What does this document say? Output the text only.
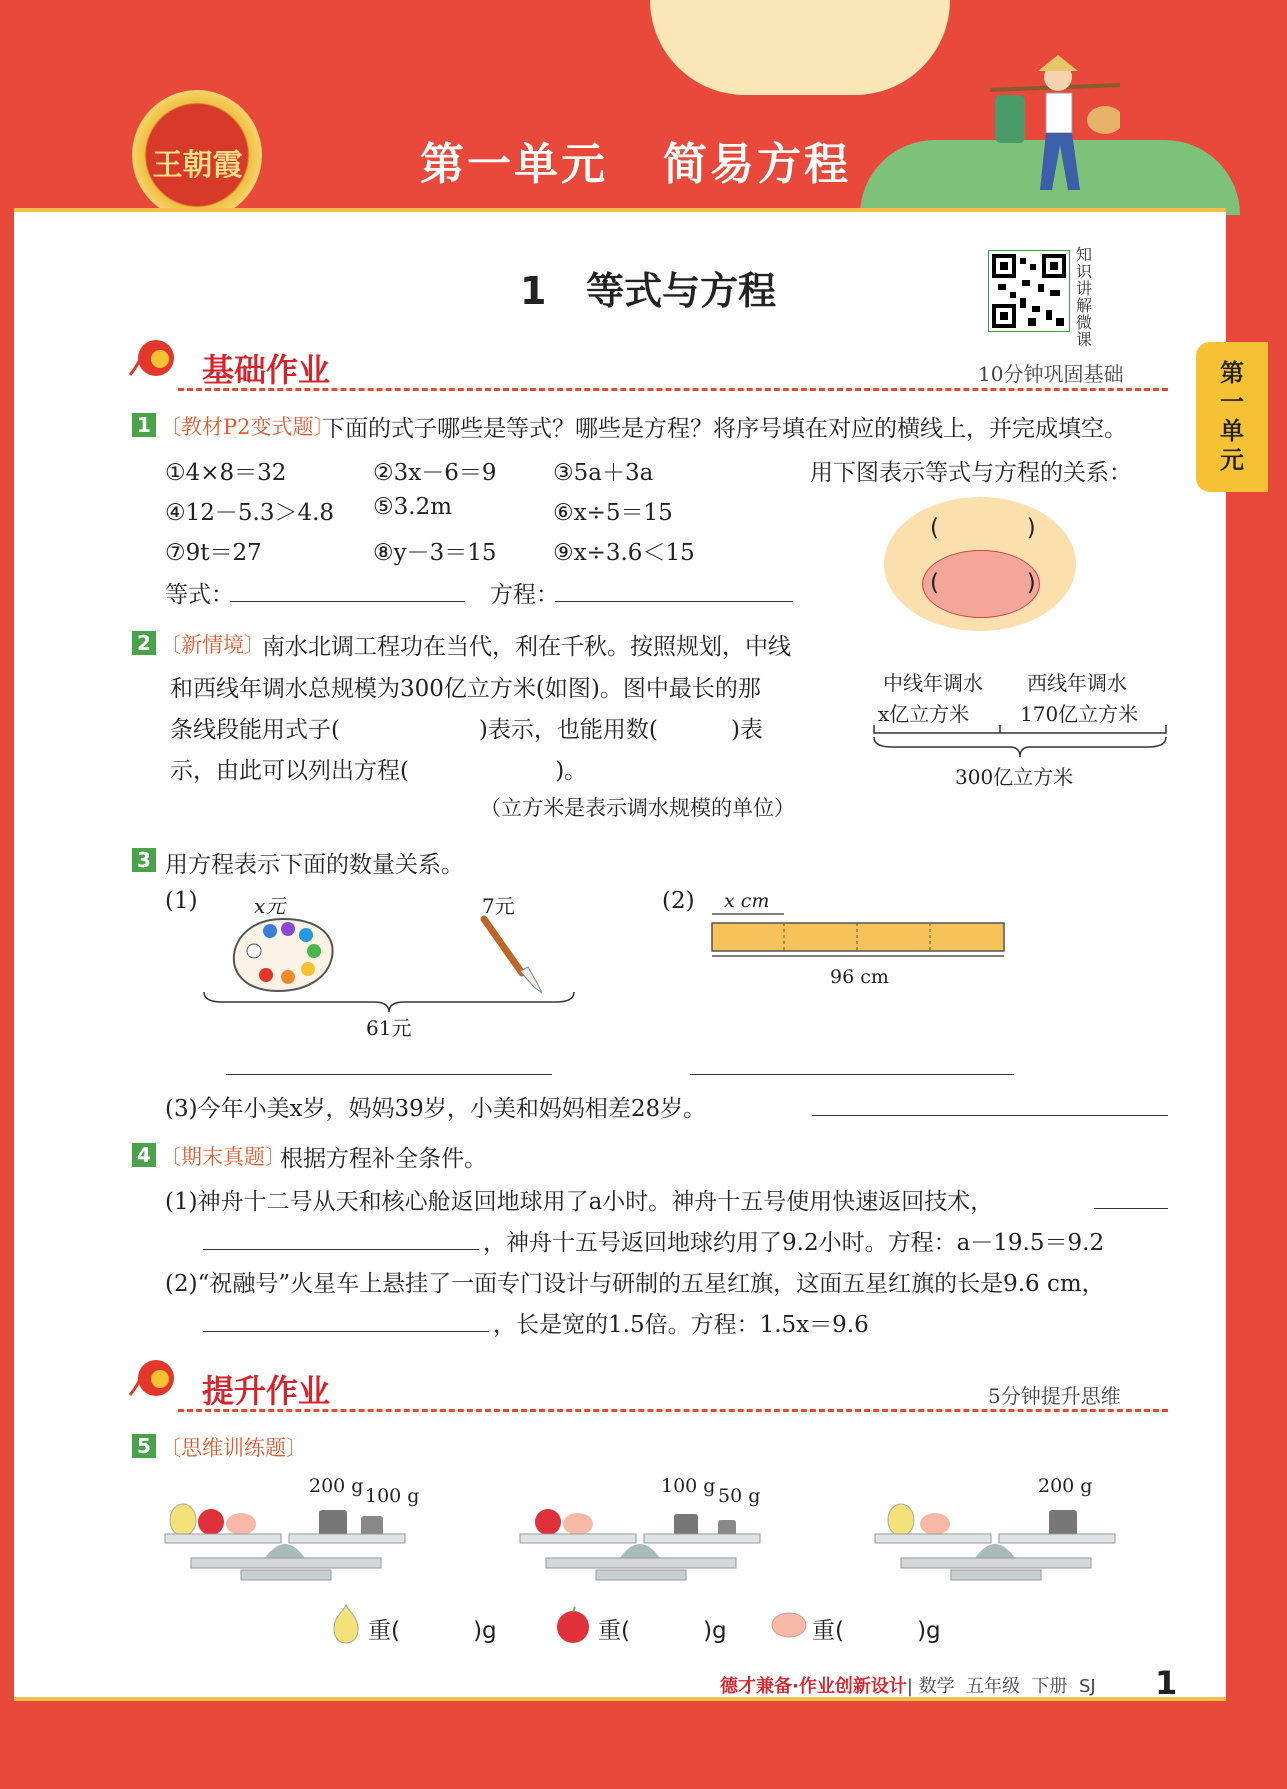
王朝霞	第一单元   简易方程
第
一
单
元
1   等式与方程
知识讲解微课
基础作业	10分钟巩固基础
1 〔教材P2变式题〕
下面的式子哪些是等式？哪些是方程？将序号填在对应的横线上，并完成填空。
①4×8＝32	②3x－6＝9 ③5a＋3a
④12－5.3＞4.8 ⑤3.2m	⑥x÷5＝15
⑦9t＝27	⑧y－3＝15 ⑨x÷3.6＜15
用下图表示等式与方程的关系：
等式：	方程：
(            )
(            )
2 〔新情境〕
南水北调工程功在当代，利在千秋。按照规划，中线
和西线年调水总规模为300亿立方米(如图)。图中最长的那
条线段能用式子(                   )表示，也能用数(          )表
示，由此可以列出方程(                    )。
（立方米是表示调水规模的单位）
中线年调水
x亿立方米
西线年调水
170亿立方米
300亿立方米
3 用方程表示下面的数量关系。
(1)	x元	7元
61元
(2) x cm
96 cm
(3)今年小美x岁，妈妈39岁，小美和妈妈相差28岁。
4 〔期末真题〕
根据方程补全条件。
(1)神舟十二号从天和核心舱返回地球用了a小时。神舟十五号使用快速返回技术，
，神舟十五号返回地球约用了9.2小时。方程：a－19.5＝9.2
(2)“祝融号”火星车上悬挂了一面专门设计与研制的五星红旗，这面五星红旗的长是9.6 cm，
，长是宽的1.5倍。方程：1.5x＝9.6
提升作业	5分钟提升思维
5 〔思维训练题〕
200 g 100 g	100 g 50 g	200 g
重(          )g	重(          )g	重(          )g
德才兼备·作业创新设计| 数学  五年级  下册  SJ 1
